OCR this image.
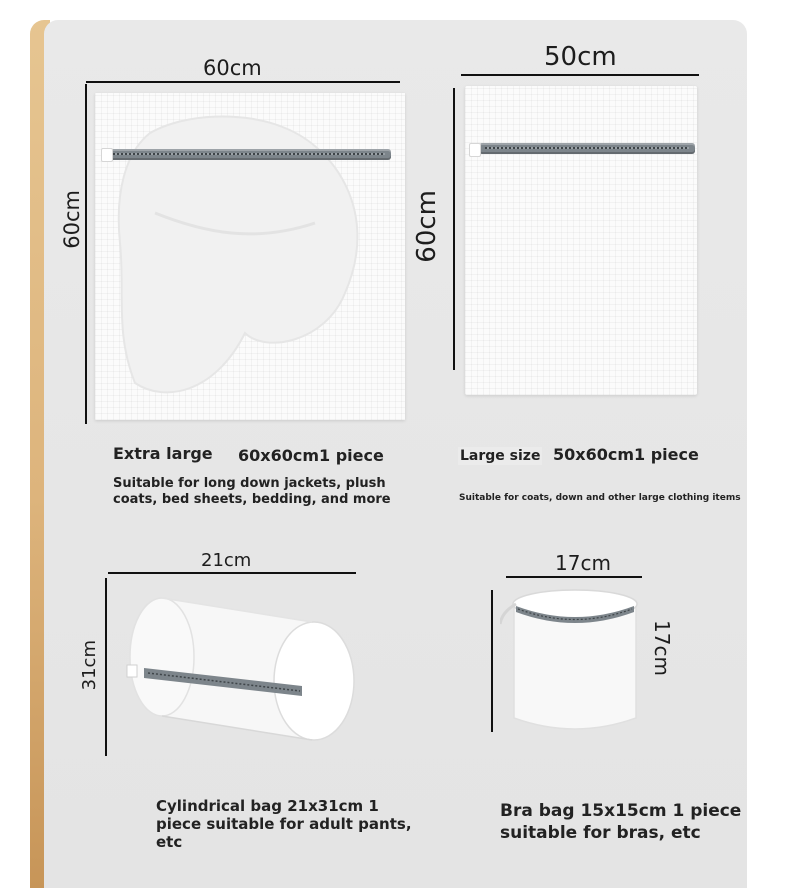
60cm
60cm
Extra large 60x60cm1 piece
Suitable for long down jackets, plush coats, bed sheets, bedding, and more
50cm
60cm
Large size 50x60cm1 piece
Suitable for coats, down and other large clothing items
21cm
31cm
Cylindrical bag 21x31cm 1 piece suitable for adult pants, etc
17cm
17cm
Bra bag 15x15cm 1 piece suitable for bras, etc
